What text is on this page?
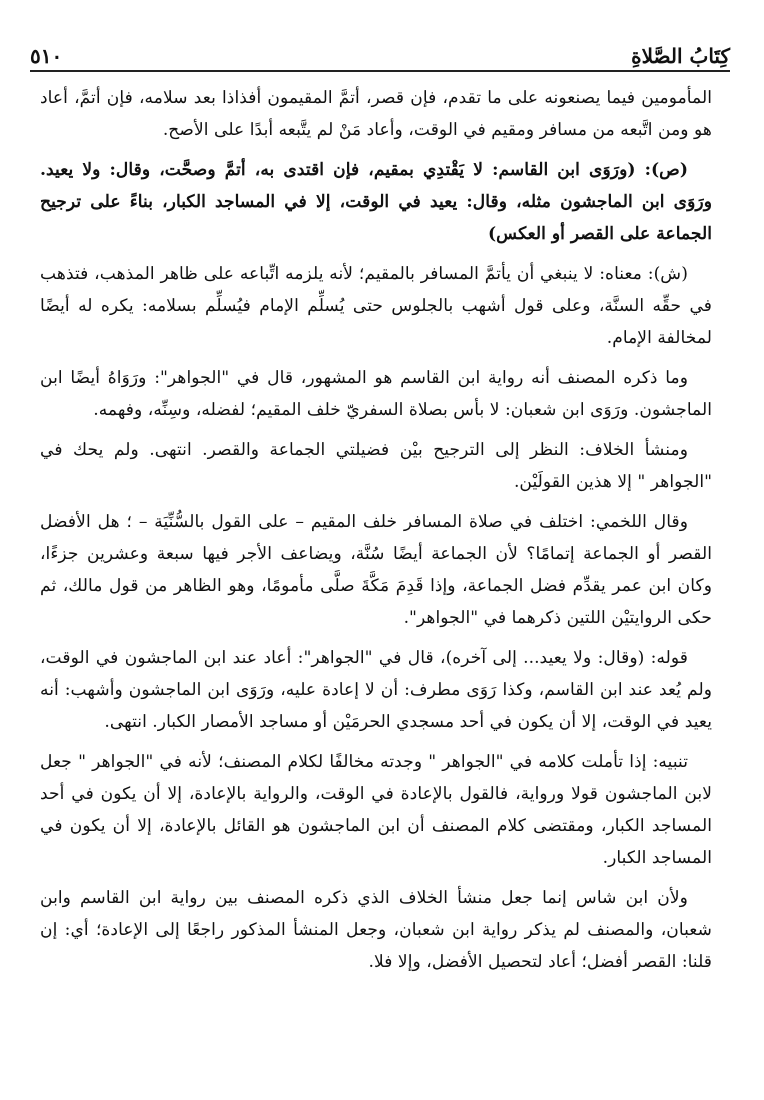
كِتَابُ الصَّلاةِ
٥١٠

المأمومين فيما يصنعونه على ما تقدم، فإن قصر، أتمَّ المقيمون أفذاذا بعد سلامه، فإن أتمَّ، أعاد هو ومن اتَّبعه من مسافر ومقيم في الوقت، وأعاد مَنْ لم يتَّبعه أبدًا على الأصح.

(ص): (ورَوَى ابن القاسم: لا يَقْتدِي بمقيم، فإن اقتدى به، أتمَّ وصحَّت، وقال: ولا يعيد. ورَوَى ابن الماجشون مثله، وقال: يعيد في الوقت، إلا في المساجد الكبار، بناءً على ترجيح الجماعة على القصر أو العكس)

(ش): معناه: لا ينبغي أن يأتمَّ المسافر بالمقيم؛ لأنه يلزمه اتِّباعه على ظاهر المذهب، فتذهب في حقِّه السنَّة، وعلى قول أشهب بالجلوس حتى يُسلِّم الإمام فيُسلِّم بسلامه: يكره له أيضًا لمخالفة الإمام.

وما ذكره المصنف أنه رواية ابن القاسم هو المشهور، قال في "الجواهر": ورَوَاهُ أيضًا ابن الماجشون. ورَوَى ابن شعبان: لا بأس بصلاة السفريّ خلف المقيم؛ لفضله، وسِنِّه، وفهمه.

ومنشأ الخلاف: النظر إلى الترجيح بيْن فضيلتي الجماعة والقصر. انتهى. ولم يحك في "الجواهر " إلا هذين القولَيْن.

وقال اللخمي: اختلف في صلاة المسافر خلف المقيم – على القول بالسُّنِّيَة – ؛ هل الأفضل القصر أو الجماعة إتمامًا؟ لأن الجماعة أيضًا سُنَّة، ويضاعف الأجر فيها سبعة وعشرين جزءًا، وكان ابن عمر يقدِّم فضل الجماعة، وإذا قَدِمَ مَكَّةَ صلَّى مأمومًا، وهو الظاهر من قول مالك، ثم حكى الروايتيْن اللتين ذكرهما في "الجواهر".

قوله: (وقال: ولا يعيد... إلى آخره)، قال في "الجواهر": أعاد عند ابن الماجشون في الوقت، ولم يُعد عند ابن القاسم، وكذا رَوَى مطرف: أن لا إعادة عليه، ورَوَى ابن الماجشون وأشهب: أنه يعيد في الوقت، إلا أن يكون في أحد مسجدي الحرمَيْن أو مساجد الأمصار الكبار. انتهى.

تنبيه: إذا تأملت كلامه في "الجواهر " وجدته مخالفًا لكلام المصنف؛ لأنه في "الجواهر " جعل لابن الماجشون قولا ورواية، فالقول بالإعادة في الوقت، والرواية بالإعادة، إلا أن يكون في أحد المساجد الكبار، ومقتضى كلام المصنف أن ابن الماجشون هو القائل بالإعادة، إلا أن يكون في المساجد الكبار.

ولأن ابن شاس إنما جعل منشأ الخلاف الذي ذكره المصنف بين رواية ابن القاسم وابن شعبان، والمصنف لم يذكر رواية ابن شعبان، وجعل المنشأ المذكور راجعًا إلى الإعادة؛ أي: إن قلنا: القصر أفضل؛ أعاد لتحصيل الأفضل، وإلا فلا.
